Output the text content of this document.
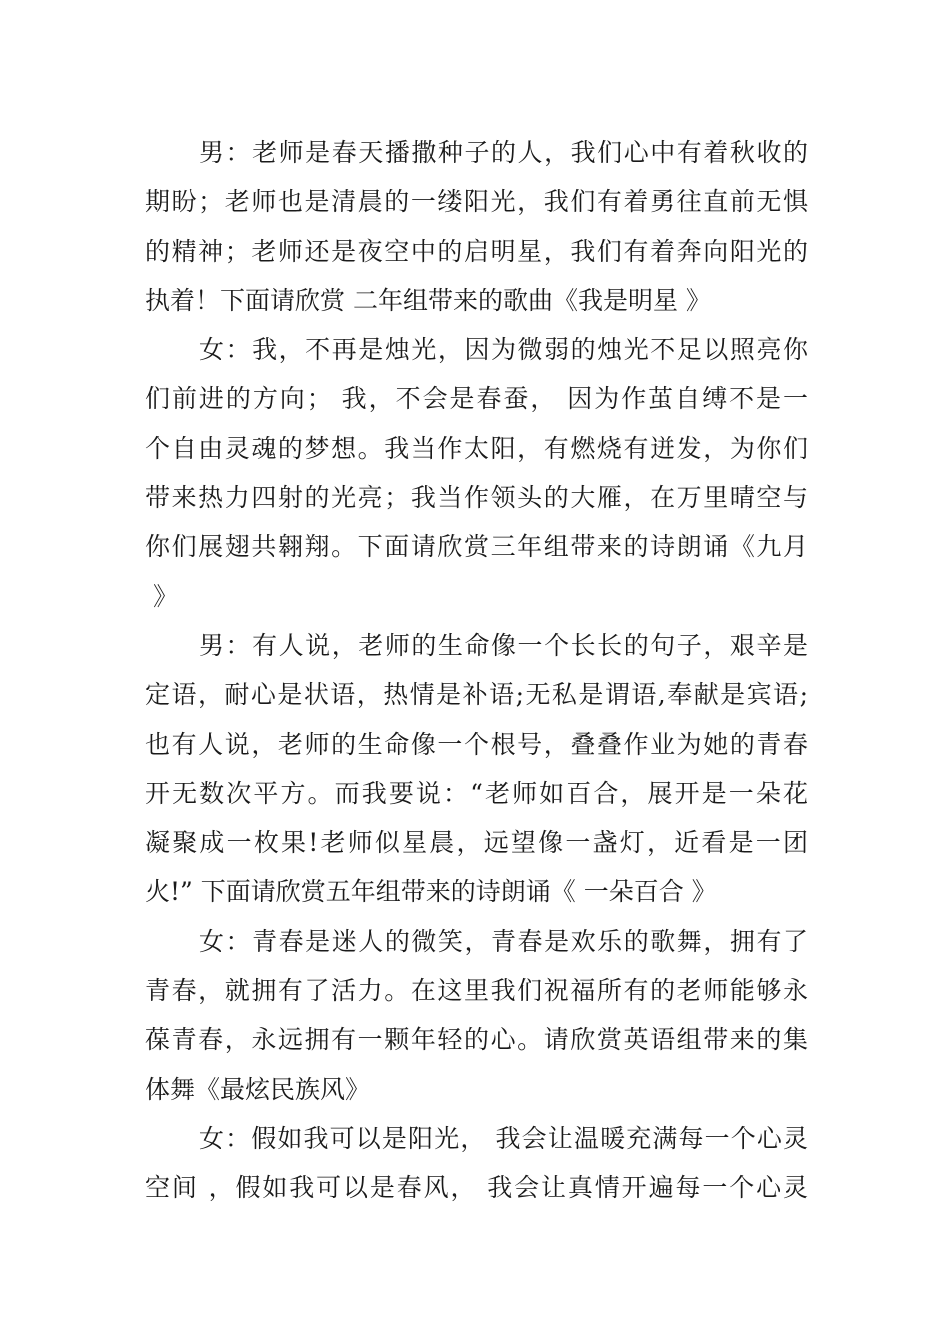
男：老师是春天播撒种子的人，我们心中有着秋收的
期盼；老师也是清晨的一缕阳光，我们有着勇往直前无惧
的精神；老师还是夜空中的启明星，我们有着奔向阳光的
执着！下面请欣赏 二年组带来的歌曲《我是明星 》
女：我，不再是烛光，因为微弱的烛光不足以照亮你
们前进的方向； 我，不会是春蚕， 因为作茧自缚不是一
个自由灵魂的梦想。我当作太阳，有燃烧有迸发，为你们
带来热力四射的光亮；我当作领头的大雁，在万里晴空与
你们展翅共翱翔。下面请欣赏三年组带来的诗朗诵《九月
》
男：有人说，老师的生命像一个长长的句子，艰辛是
定语，耐心是状语，热情是补语;无私是谓语,奉献是宾语;
也有人说，老师的生命像一个根号，叠叠作业为她的青春
开无数次平方。而我要说：“老师如百合，展开是一朵花
凝聚成一枚果!老师似星晨，远望像一盏灯，近看是一团
火!” 下面请欣赏五年组带来的诗朗诵《 一朵百合 》
女：青春是迷人的微笑，青春是欢乐的歌舞，拥有了
青春，就拥有了活力。在这里我们祝福所有的老师能够永
葆青春，永远拥有一颗年轻的心。请欣赏英语组带来的集
体舞《最炫民族风》
女：假如我可以是阳光， 我会让温暖充满每一个心灵
空间 ，假如我可以是春风， 我会让真情开遍每一个心灵
